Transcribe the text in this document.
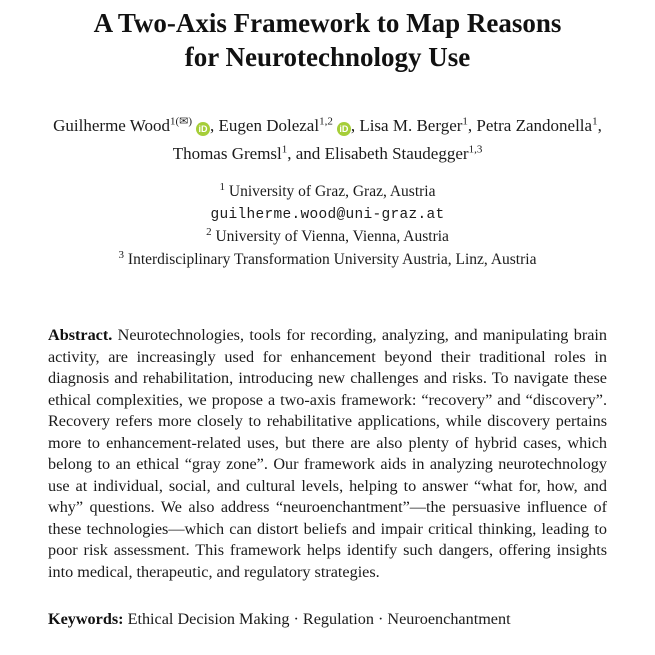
A Two-Axis Framework to Map Reasons
for Neurotechnology Use
Guilherme Wood$^{1(✉)}$iD , Eugen Dolezal$^{1,2}$iD , Lisa M. Berger$^1$, Petra Zandonella$^1$,
Thomas Gremsl$^1$, and Elisabeth Staudegger$^{1,3}$
$^1$ University of Graz, Graz, Austria
guilherme.wood@uni-graz.at
$^2$ University of Vienna, Vienna, Austria
$^3$ Interdisciplinary Transformation University Austria, Linz, Austria

Abstract. Neurotechnologies, tools for recording, analyzing, and manipulating brain activity, are increasingly used for enhancement beyond their traditional roles in diagnosis and rehabilitation, introducing new challenges and risks. To navigate these ethical complexities, we propose a two-axis framework: “recovery” and “discovery”. Recovery refers more closely to rehabilitative applications, while discovery pertains more to enhancement-related uses, but there are also plenty of hybrid cases, which belong to an ethical “gray zone”. Our framework aids in analyzing neurotechnology use at individual, social, and cultural levels, helping to answer “what for, how, and why” questions. We also address “neuroenchantment”—the persuasive influence of these technologies—which can distort beliefs and impair critical thinking, leading to poor risk assessment. This framework helps identify such dangers, offering insights into medical, therapeutic, and regulatory strategies.

Keywords: Ethical Decision Making · Regulation · Neuroenchantment
